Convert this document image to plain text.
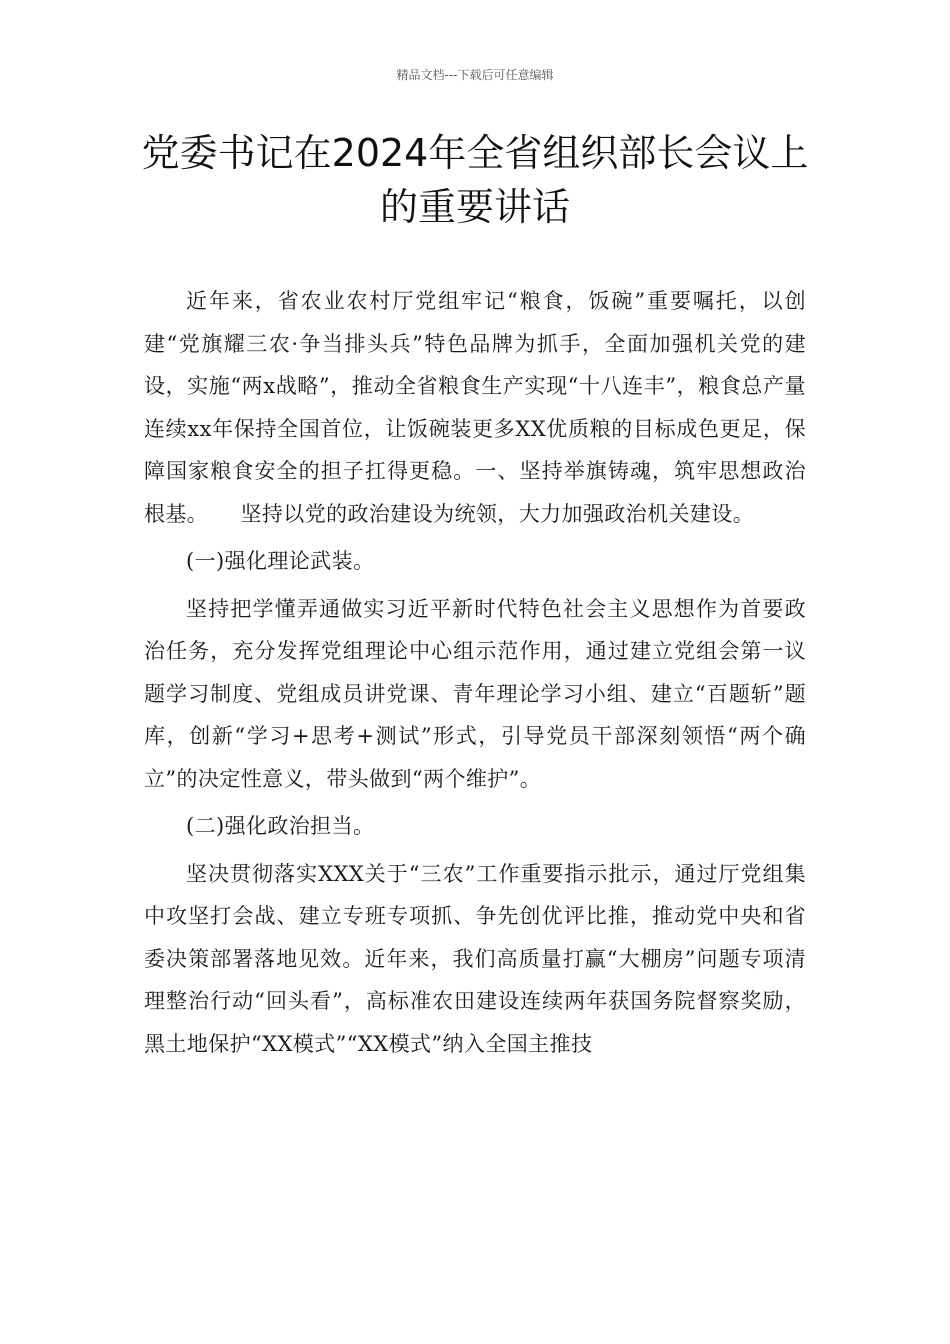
精品文档---下载后可任意编辑
党委书记在2024年全省组织部长会议上的重要讲话

近年来，省农业农村厅党组牢记“粮食，饭碗”重要嘱托，以创建“党旗耀三农·争当排头兵”特色品牌为抓手，全面加强机关党的建设，实施“两x战略”，推动全省粮食生产实现“十八连丰”，粮食总产量连续xx年保持全国首位，让饭碗装更多XX优质粮的目标成色更足，保障国家粮食安全的担子扛得更稳。一、坚持举旗铸魂，筑牢思想政治根基。　　坚持以党的政治建设为统领，大力加强政治机关建设。

(一)强化理论武装。

坚持把学懂弄通做实习近平新时代特色社会主义思想作为首要政治任务，充分发挥党组理论中心组示范作用，通过建立党组会第一议题学习制度、党组成员讲党课、青年理论学习小组、建立“百题斩”题库，创新“学习+思考+测试”形式，引导党员干部深刻领悟“两个确立”的决定性意义，带头做到“两个维护”。

(二)强化政治担当。

坚决贯彻落实XXX关于“三农”工作重要指示批示，通过厅党组集中攻坚打会战、建立专班专项抓、争先创优评比推，推动党中央和省委决策部署落地见效。近年来，我们高质量打赢“大棚房”问题专项清理整治行动“回头看”，高标准农田建设连续两年获国务院督察奖励，黑土地保护“XX模式”“XX模式”纳入全国主推技
